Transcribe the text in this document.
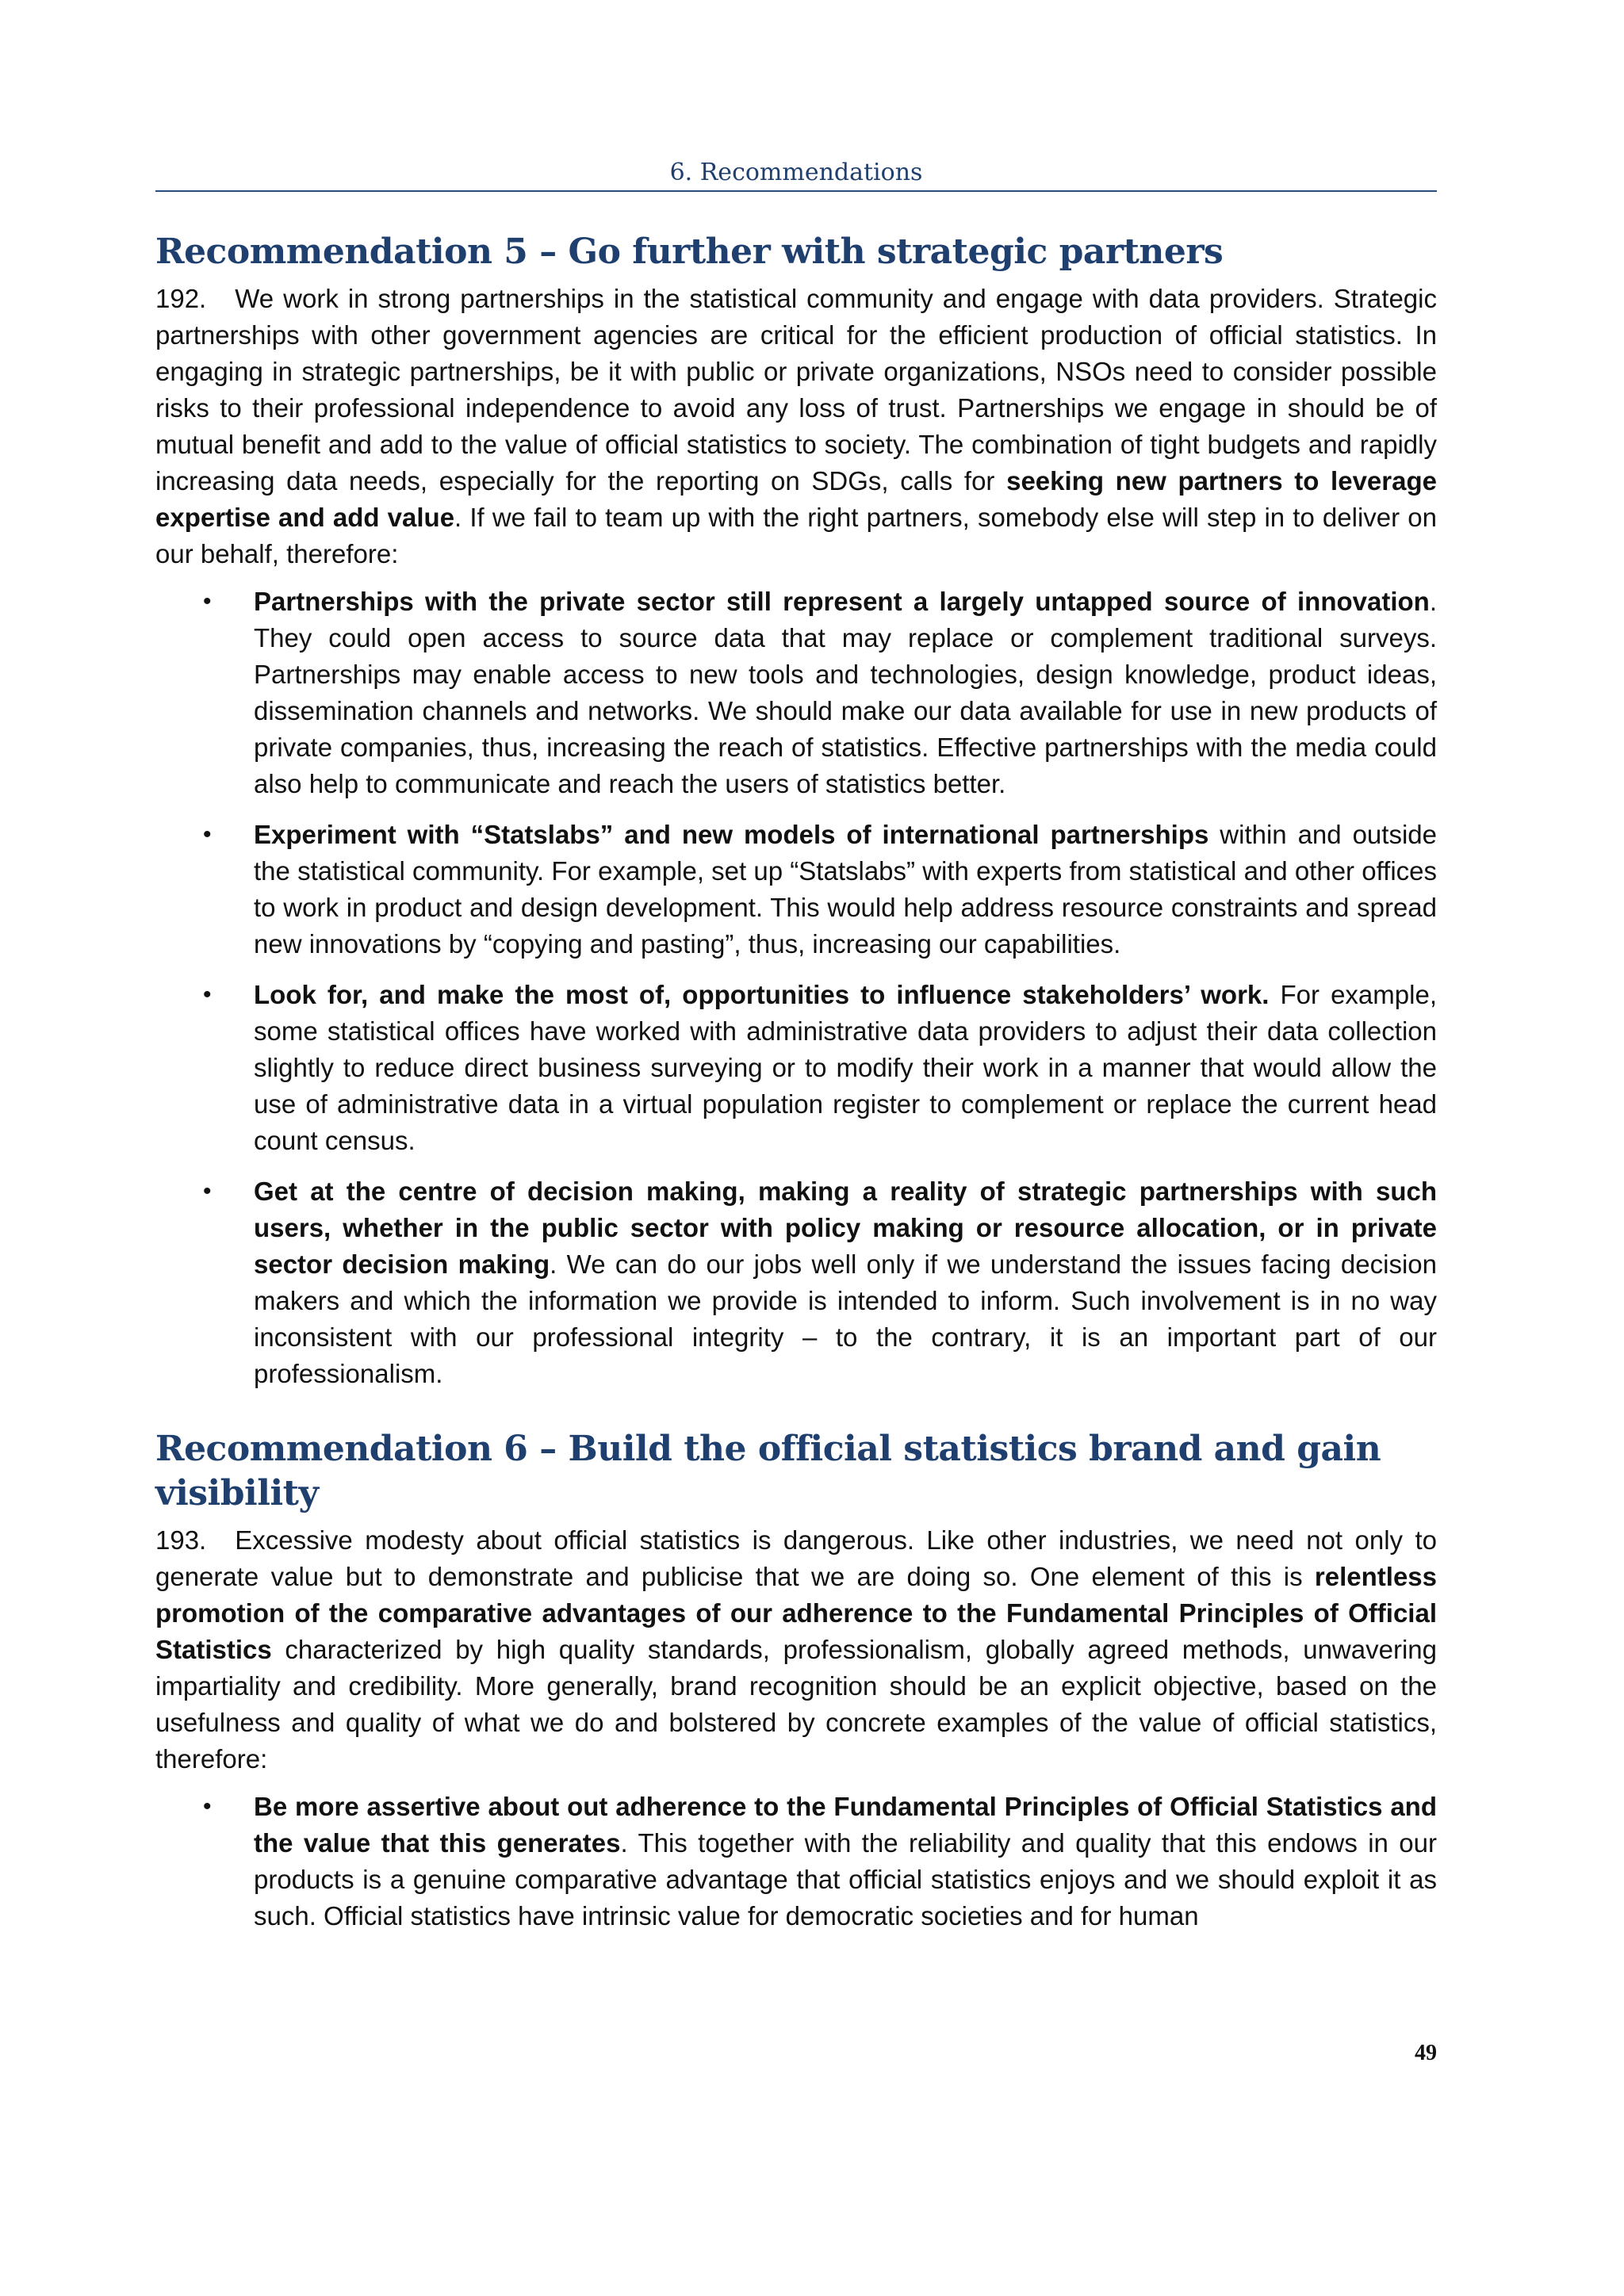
6. Recommendations
Recommendation 5 – Go further with strategic partners

192. We work in strong partnerships in the statistical community and engage with data providers. Strategic partnerships with other government agencies are critical for the efficient production of official statistics. In engaging in strategic partnerships, be it with public or private organizations, NSOs need to consider possible risks to their professional independence to avoid any loss of trust. Partnerships we engage in should be of mutual benefit and add to the value of official statistics to society. The combination of tight budgets and rapidly increasing data needs, especially for the reporting on SDGs, calls for seeking new partners to leverage expertise and add value. If we fail to team up with the right partners, somebody else will step in to deliver on our behalf, therefore:

• Partnerships with the private sector still represent a largely untapped source of innovation. They could open access to source data that may replace or complement traditional surveys. Partnerships may enable access to new tools and technologies, design knowledge, product ideas, dissemination channels and networks. We should make our data available for use in new products of private companies, thus, increasing the reach of statistics. Effective partnerships with the media could also help to communicate and reach the users of statistics better.
• Experiment with “Statslabs” and new models of international partnerships within and outside the statistical community. For example, set up “Statslabs” with experts from statistical and other offices to work in product and design development. This would help address resource constraints and spread new innovations by “copying and pasting”, thus, increasing our capabilities.
• Look for, and make the most of, opportunities to influence stakeholders’ work. For example, some statistical offices have worked with administrative data providers to adjust their data collection slightly to reduce direct business surveying or to modify their work in a manner that would allow the use of administrative data in a virtual population register to complement or replace the current head count census.
• Get at the centre of decision making, making a reality of strategic partnerships with such users, whether in the public sector with policy making or resource allocation, or in private sector decision making. We can do our jobs well only if we understand the issues facing decision makers and which the information we provide is intended to inform. Such involvement is in no way inconsistent with our professional integrity – to the contrary, it is an important part of our professionalism.
Recommendation 6 – Build the official statistics brand and gain visibility

193. Excessive modesty about official statistics is dangerous. Like other industries, we need not only to generate value but to demonstrate and publicise that we are doing so. One element of this is relentless promotion of the comparative advantages of our adherence to the Fundamental Principles of Official Statistics characterized by high quality standards, professionalism, globally agreed methods, unwavering impartiality and credibility. More generally, brand recognition should be an explicit objective, based on the usefulness and quality of what we do and bolstered by concrete examples of the value of official statistics, therefore:

• Be more assertive about out adherence to the Fundamental Principles of Official Statistics and the value that this generates. This together with the reliability and quality that this endows in our products is a genuine comparative advantage that official statistics enjoys and we should exploit it as such. Official statistics have intrinsic value for democratic societies and for human
49
